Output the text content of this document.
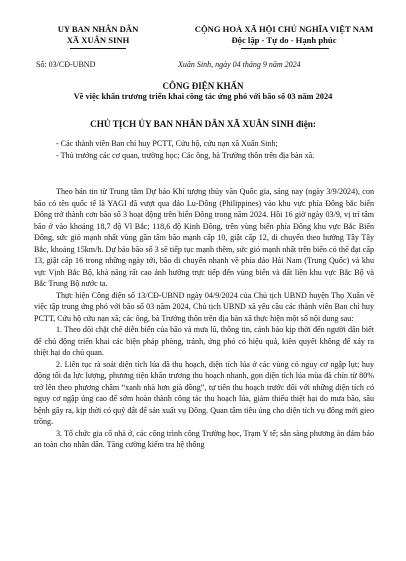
UY BAN NHÂN DÂN
XÃ XUÂN SINH
CỘNG HOÀ XÃ HỘI CHỦ NGHĨA VIỆT NAM
Độc lập - Tự do - Hạnh phúc
Số: 03/CĐ-UBND	Xuân Sinh, ngày 04 tháng 9 năm 2024
CÔNG ĐIỆN KHẨN
Về việc khẩn trương triển khai công tác ứng phó với bão số 03 năm 2024
CHỦ TỊCH ỦY BAN NHÂN DÂN XÃ XUÂN SINH điện:

- Các thành viên Ban chỉ huy PCTT, Cứu hộ, cứu nạn xã Xuân Sinh;

- Thủ trưởng các cơ quan, trường học; Các ông, bà Trưởng thôn trên địa bàn xã.

Theo bản tin từ Trung tâm Dự báo Khí tượng thủy văn Quốc gia, sáng nay (ngày 3/9/2024), con bão có tên quốc tế là YAGI đã vượt qua đảo Lu-Dông (Philippines) vào khu vực phía Đông bắc biển Đông trở thành cơn bão số 3 hoạt động trên biển Đông trong năm 2024. Hồi 16 giờ ngày 03/9, vị trí tâm bão ở vào khoảng 18,7 độ Vĩ Bắc; 118,6 độ Kinh Đông, trên vùng biển phía Đông khu vực Bắc Biển Đông, sức gió mạnh nhất vùng gần tâm bão mạnh cấp 10, giật cấp 12, di chuyển theo hướng Tây Tây Bắc, khoảng 15km/h. Dự báo bão số 3 sẽ tiếp tục mạnh thêm, sức gió mạnh nhất trên biển có thể đạt cấp 13, giật cấp 16 trong những ngày tới, bão di chuyển nhanh về phía đảo Hải Nam (Trung Quốc) và khu vực Vịnh Bắc Bộ, khả năng rất cao ảnh hưởng trực tiếp đến vùng biển và đất liền khu vực Bắc Bộ và Bắc Trung Bộ nước ta.

Thực hiện Công điện số 13/CĐ-UBND ngày 04/9/2024 của Chủ tịch UBND huyện Thọ Xuân về việc tập trung ứng phó với bão số 03 năm 2024, Chủ tịch UBND xã yêu cầu các thành viên Ban chỉ huy PCTT, Cứu hộ cứu nạn xã; các ông, bà Trưởng thôn trên địa bàn xã thực hiện một số nội dung sau:

1. Theo dõi chặt chẽ diễn biến của bão và mưa lũ, thông tin, cảnh báo kịp thời đến người dân biết để chủ động triển khai các biện pháp phòng, tránh, ứng phó có hiệu quả, kiên quyết không để xảy ra thiệt hại do chủ quan.

2. Liên tục rà soát diện tích lúa đã thu hoạch, diện tích lúa ở các vùng có nguy cơ ngập lụt; huy động tối đa lực lượng, phương tiện khẩn trương thu hoạch nhanh, gọn diện tích lúa mùa đã chín từ 80% trở lên theo phương châm “xanh nhà hơn già đồng”, tự tiến thu hoạch trước đối với những diện tích có nguy cơ ngập úng cao để sớm hoàn thành công tác thu hoạch lúa, giảm thiểu thiệt hại do mưa bão, sâu bệnh gây ra, kịp thời có quỹ đất để sản xuất vụ Đông. Quan tâm tiêu úng cho diện tích vụ đông mới gieo trồng.

3. Tổ chức gia cố nhà ở, các công trình công Trường học, Trạm Y tế; sẵn sàng phương án đảm bảo an toàn cho nhân dân. Tăng cường kiểm tra hệ thống
